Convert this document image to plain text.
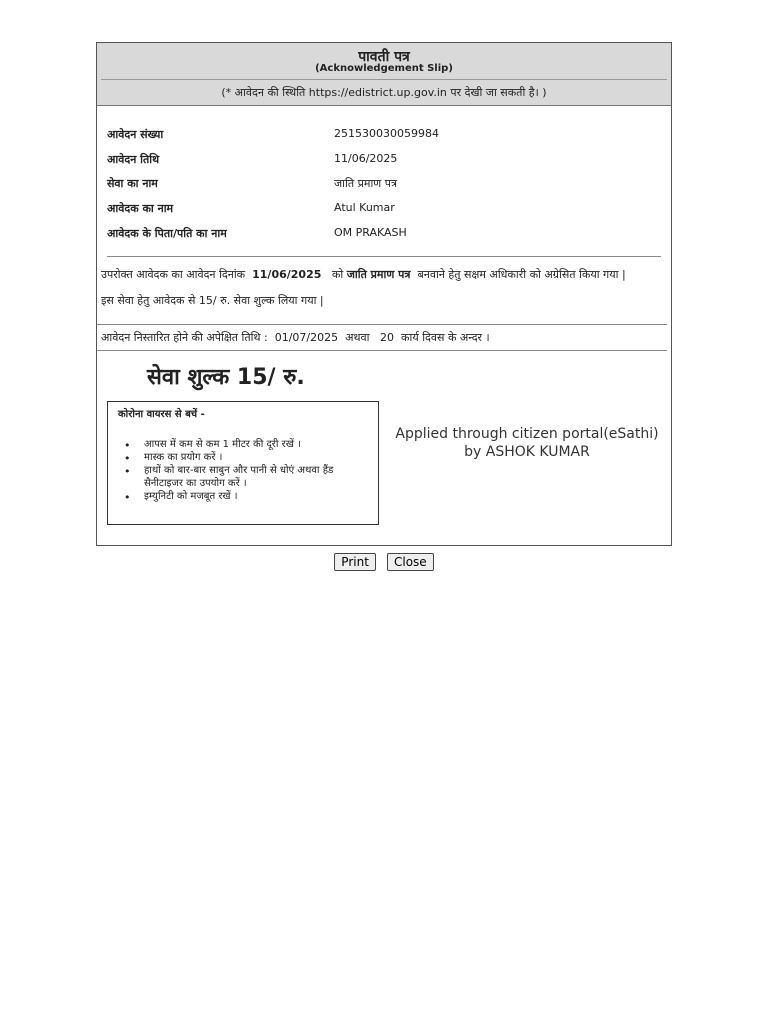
पावती पत्र
(Acknowledgement Slip)
(* आवेदन की स्थिति https://edistrict.up.gov.in पर देखी जा सकती है। )
आवेदन संख्या	251530030059984
आवेदन तिथि	11/06/2025
सेवा का नाम	जाति प्रमाण पत्र
आवेदक का नाम	Atul Kumar
आवेदक के पिता/पति का नाम	OM PRAKASH
उपरोक्त आवेदक का आवेदन दिनांक 11/06/2025 को जाति प्रमाण पत्र बनवाने हेतु सक्षम अधिकारी को अग्रेसित किया गया |
इस सेवा हेतु आवेदक से 15/ रु. सेवा शुल्क लिया गया |
आवेदन निस्तारित होने की अपेक्षित तिथि : 01/07/2025 अथवा 20 कार्य दिवस के अन्दर ।
सेवा शुल्क 15/ रु.
कोरोना वायरस से बचें -
• आपस में कम से कम 1 मीटर की दूरी रखें ।
• मास्क का प्रयोग करें ।
• हाथों को बार-बार साबुन और पानी से धोएं अथवा हैंड सैनीटाइजर का उपयोग करें ।
• इम्युनिटी को मजबूत रखें ।
Applied through citizen portal(eSathi)
by ASHOK KUMAR
Print Close
